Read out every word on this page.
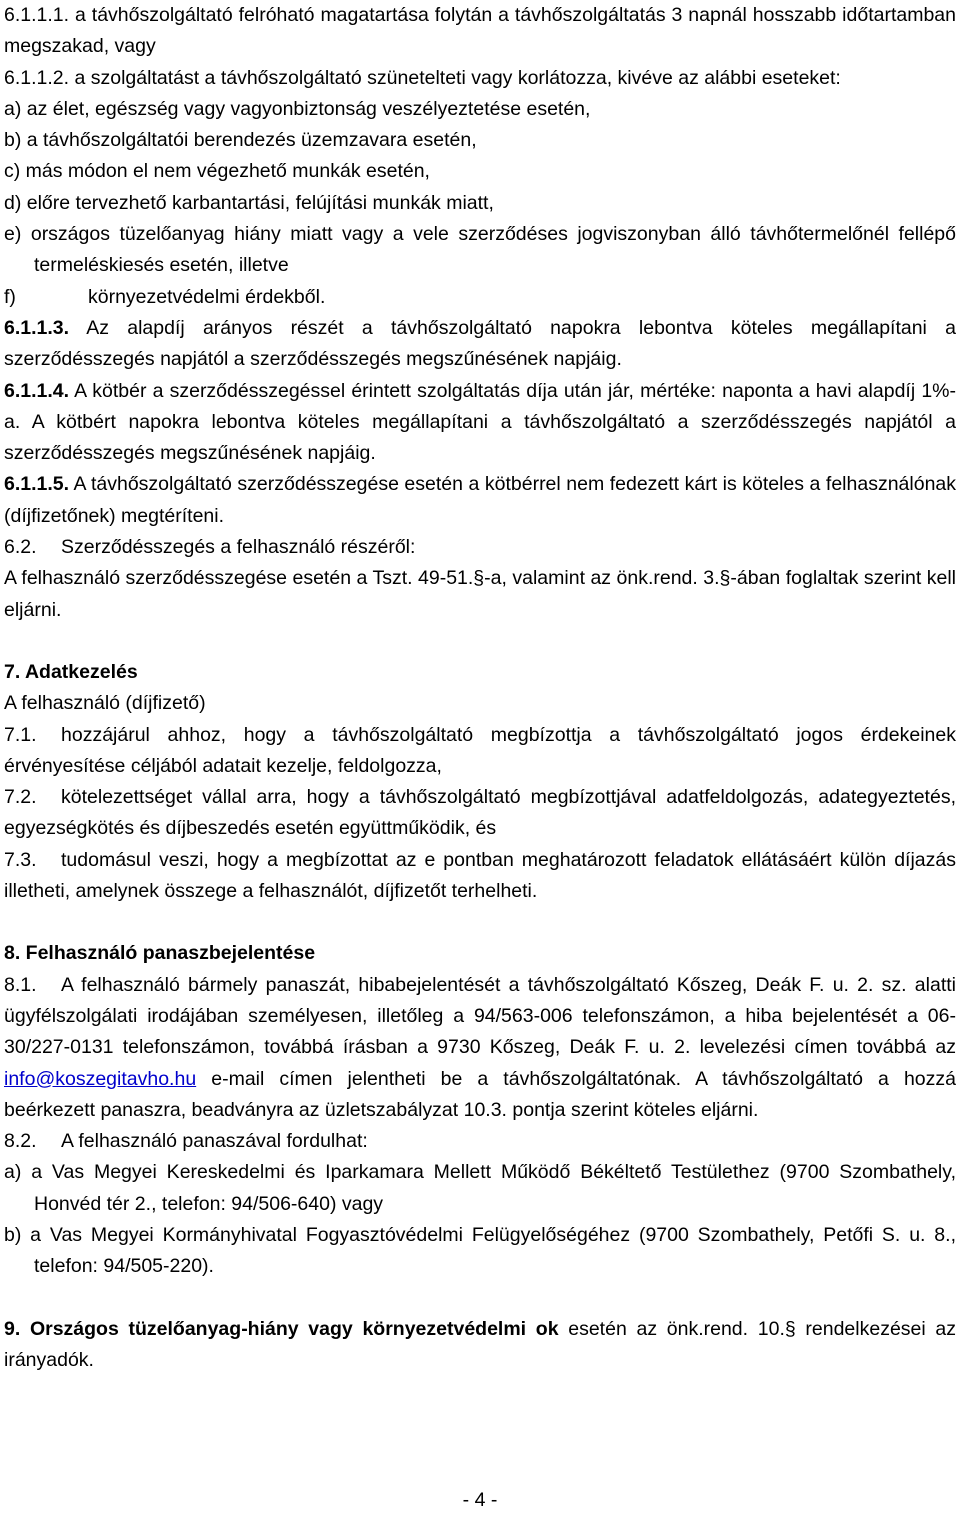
6.1.1.1. a távhőszolgáltató felróható magatartása folytán a távhőszolgáltatás 3 napnál hosszabb időtartamban megszakad, vagy

6.1.1.2. a szolgáltatást a távhőszolgáltató szünetelteti vagy korlátozza, kivéve az alábbi eseteket:

a) az élet, egészség vagy vagyonbiztonság veszélyeztetése esetén,

b) a távhőszolgáltatói berendezés üzemzavara esetén,

c) más módon el nem végezhető munkák esetén,

d) előre tervezhető karbantartási, felújítási munkák miatt,

e) országos tüzelőanyag hiány miatt vagy a vele szerződéses jogviszonyban álló távhőtermelőnél fellépő termeléskiesés esetén, illetve

f)	környezetvédelmi érdekből.

6.1.1.3. Az alapdíj arányos részét a távhőszolgáltató napokra lebontva köteles megállapítani a szerződésszegés napjától a szerződésszegés megszűnésének napjáig.

6.1.1.4. A kötbér a szerződésszegéssel érintett szolgáltatás díja után jár, mértéke: naponta a havi alapdíj 1%-a. A kötbért napokra lebontva köteles megállapítani a távhőszolgáltató a szerződésszegés napjától a szerződésszegés megszűnésének napjáig.

6.1.1.5. A távhőszolgáltató szerződésszegése esetén a kötbérrel nem fedezett kárt is köteles a felhasználónak (díjfizetőnek) megtéríteni.

6.2. Szerződésszegés a felhasználó részéről:

A felhasználó szerződésszegése esetén a Tszt. 49-51.§-a, valamint az önk.rend. 3.§-ában foglaltak szerint kell eljárni.

7. Adatkezelés

A felhasználó (díjfizető)

7.1. hozzájárul ahhoz, hogy a távhőszolgáltató megbízottja a távhőszolgáltató jogos érdekeinek érvényesítése céljából adatait kezelje, feldolgozza,

7.2. kötelezettséget vállal arra, hogy a távhőszolgáltató megbízottjával adatfeldolgozás, adategyeztetés, egyezségkötés és díjbeszedés esetén együttműködik, és

7.3. tudomásul veszi, hogy a megbízottat az e pontban meghatározott feladatok ellátásáért külön díjazás illetheti, amelynek összege a felhasználót, díjfizetőt terhelheti.

8. Felhasználó panaszbejelentése

8.1. A felhasználó bármely panaszát, hibabejelentését a távhőszolgáltató Kőszeg, Deák F. u. 2. sz. alatti ügyfélszolgálati irodájában személyesen, illetőleg a 94/563-006 telefonszámon, a hiba bejelentését a 06-30/227-0131 telefonszámon, továbbá írásban a 9730 Kőszeg, Deák F. u. 2. levelezési címen továbbá az info@koszegitavho.hu e-mail címen jelentheti be a távhőszolgáltatónak. A távhőszolgáltató a hozzá beérkezett panaszra, beadványra az üzletszabályzat 10.3. pontja szerint köteles eljárni.

8.2. A felhasználó panaszával fordulhat:

a) a Vas Megyei Kereskedelmi és Iparkamara Mellett Működő Békéltető Testülethez (9700 Szombathely, Honvéd tér 2., telefon: 94/506-640) vagy

b) a Vas Megyei Kormányhivatal Fogyasztóvédelmi Felügyelőségéhez (9700 Szombathely, Petőfi S. u. 8., telefon: 94/505-220).

9. Országos tüzelőanyag-hiány vagy környezetvédelmi ok esetén az önk.rend. 10.§ rendelkezései az irányadók.

- 4 -
